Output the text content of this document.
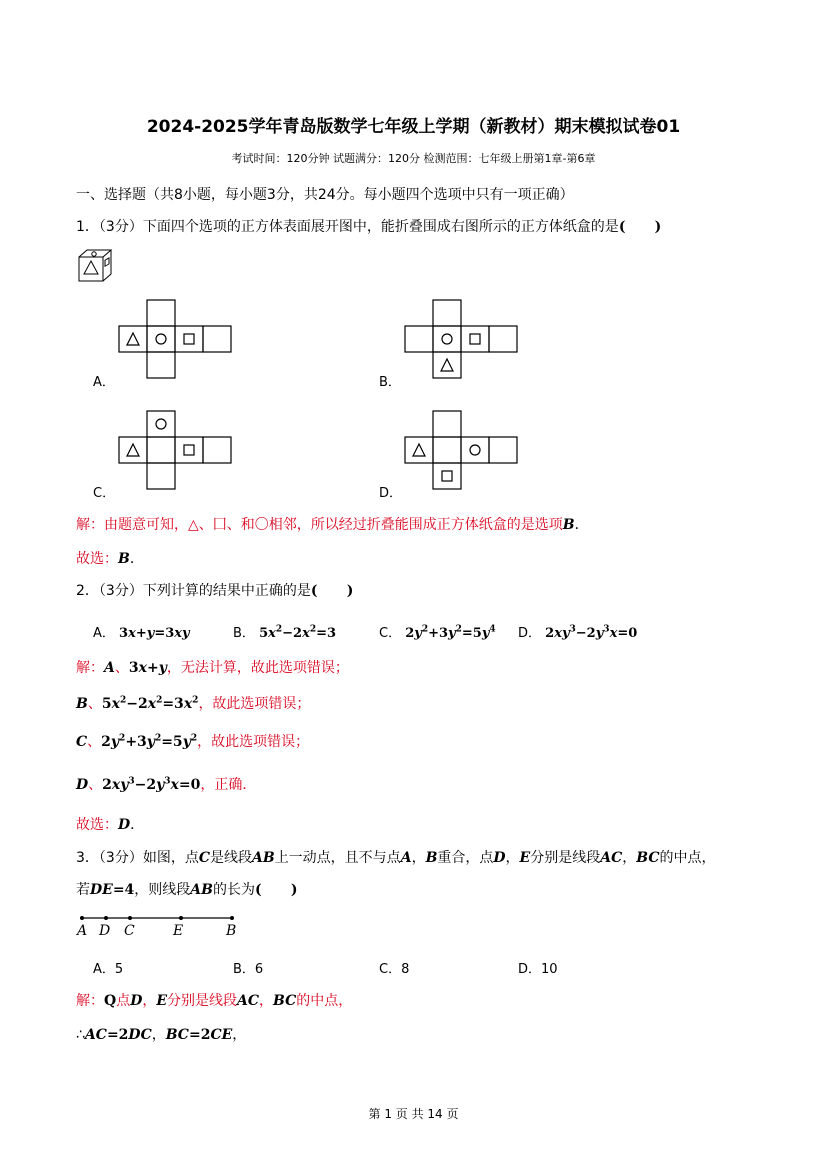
2024-2025学年青岛版数学七年级上学期（新教材）期末模拟试卷01
考试时间：120分钟 试题满分：120分 检测范围：七年级上册第1章-第6章
一、选择题（共8小题，每小题3分，共24分。每小题四个选项中只有一项正确）
1．（3分）下面四个选项的正方体表面展开图中，能折叠围成右图所示的正方体纸盒的是(      )
A．	B．
C．	D．
解：由题意可知，△、囗、和〇相邻，所以经过折叠能围成正方体纸盒的是选项B．
故选：B．
2．（3分）下列计算的结果中正确的是(      )
A． 3x+y=3xy	B． $5x^2-2x^2=3$	C． $2y^2+3y^2=5y^4$ D． $2xy^3-2y^3x=0$
解：A、3x+y，无法计算，故此选项错误；
B、$5x^2-2x^2=3x^2$，故此选项错误；
C、$2y^2+3y^2=5y^2$，故此选项错误；
D、$2xy^3-2y^3x=0$，正确．
故选：D．
3．（3分）如图，点C是线段AB上一动点，且不与点A，B重合，点D，E分别是线段AC，BC的中点，
若DE=4，则线段AB的长为(      )
A D C	E	B
A．5	B．6	C．8	D．10
解：Q点D，E分别是线段AC，BC的中点，
∴AC=2DC，BC=2CE，
第 1 页 共 14 页
